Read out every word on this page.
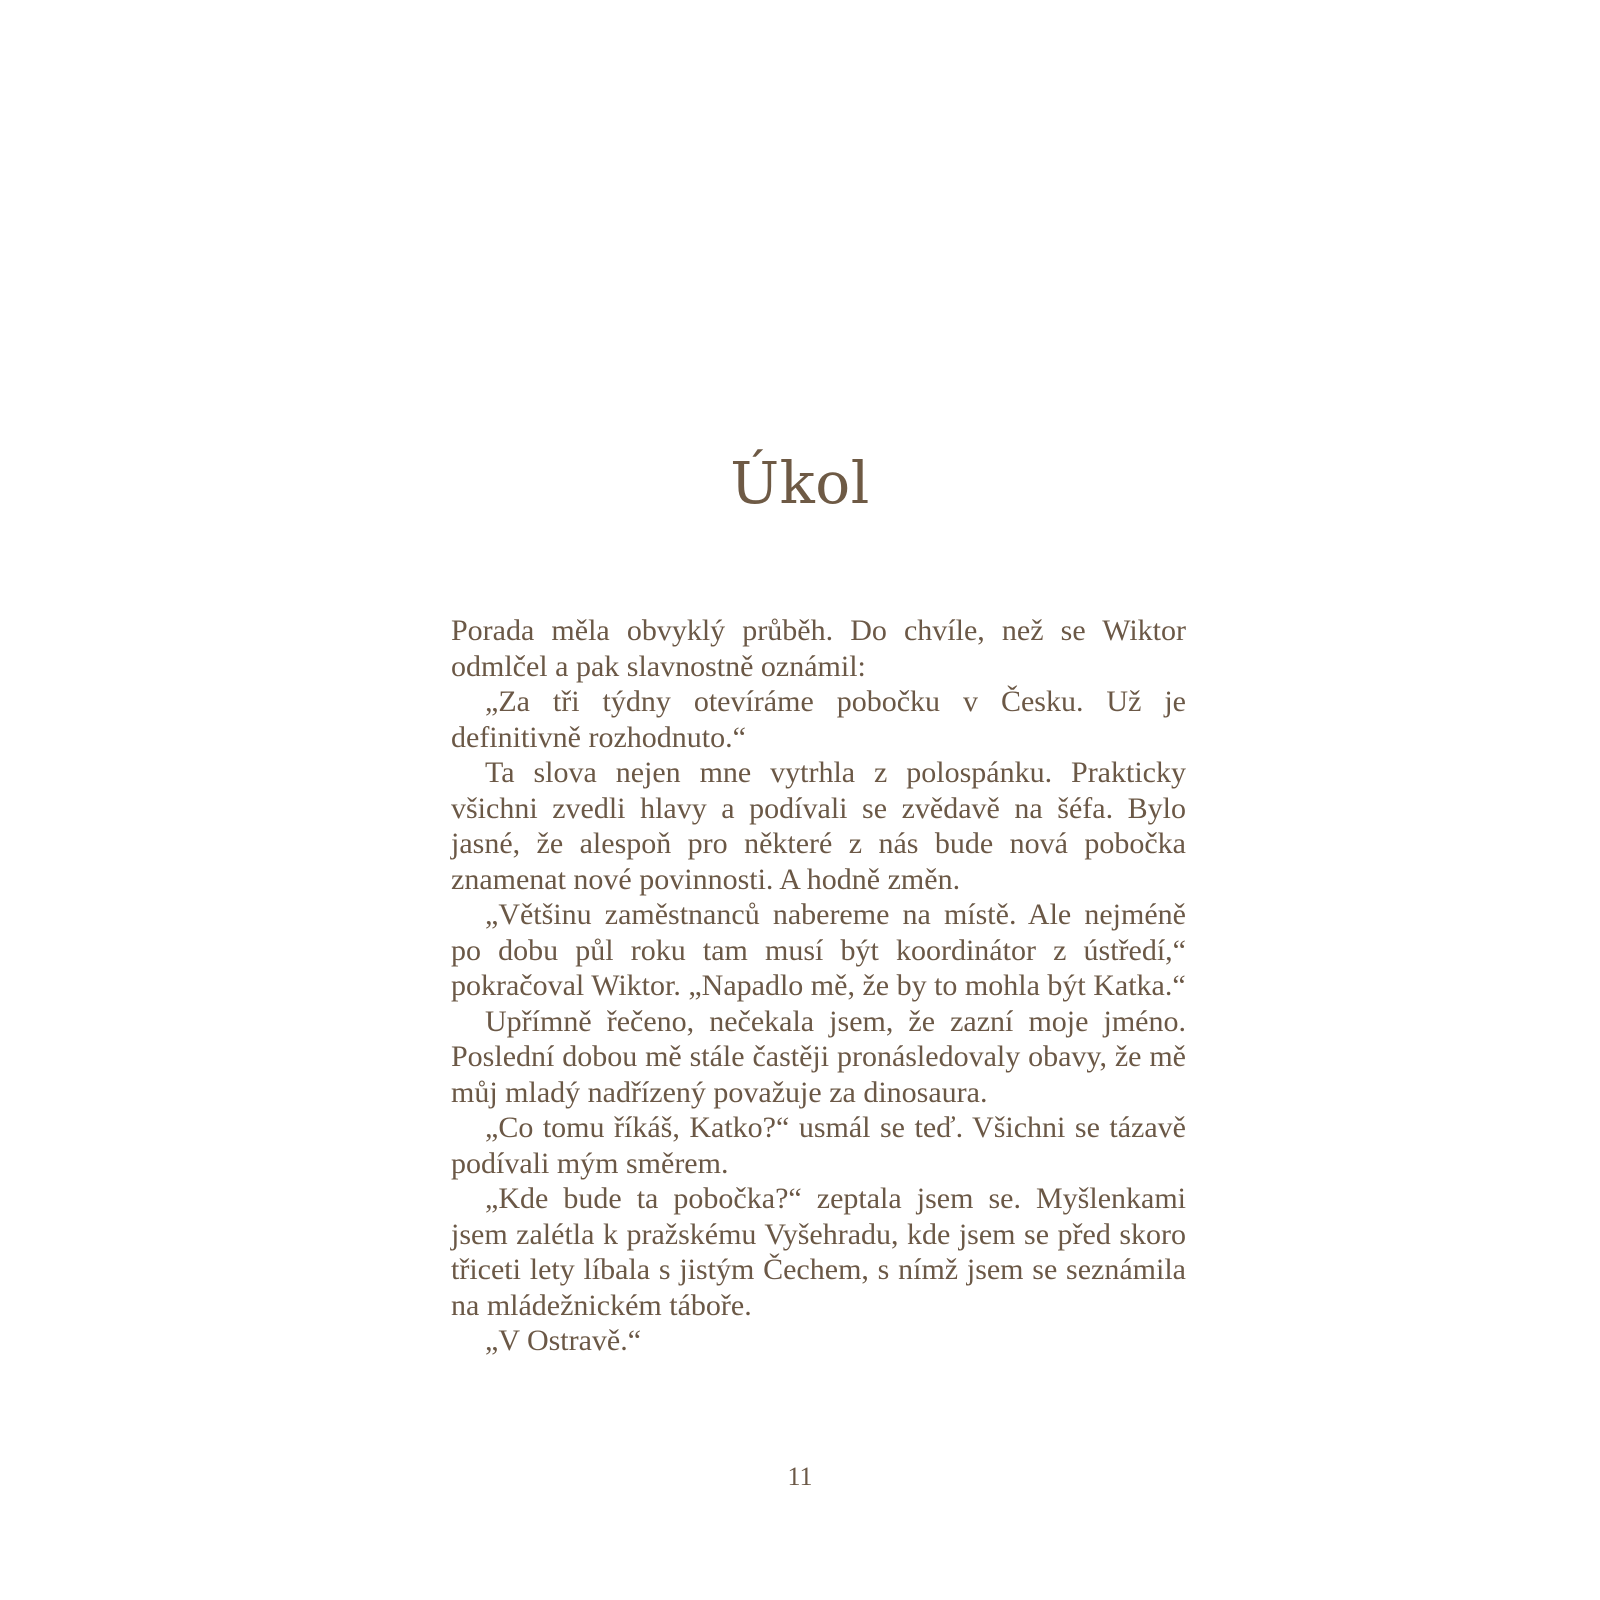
Úkol

Porada měla obvyklý průběh. Do chvíle, než se Wiktor odmlčel a pak slavnostně oznámil:

„Za tři týdny otevíráme pobočku v Česku. Už je definitivně rozhodnuto.“

Ta slova nejen mne vytrhla z polospánku. Prakticky všichni zvedli hlavy a podívali se zvědavě na šéfa. Bylo jasné, že alespoň pro některé z nás bude nová pobočka znamenat nové povinnosti. A hodně změn.

„Většinu zaměstnanců nabereme na místě. Ale nejméně po dobu půl roku tam musí být koordinátor z ústředí,“ pokračoval Wiktor. „Napadlo mě, že by to mohla být Katka.“

Upřímně řečeno, nečekala jsem, že zazní moje jméno. Poslední dobou mě stále častěji pronásledovaly obavy, že mě můj mladý nadřízený považuje za dinosaura.

„Co tomu říkáš, Katko?“ usmál se teď. Všichni se tázavě podívali mým směrem.

„Kde bude ta pobočka?“ zeptala jsem se. Myšlenkami jsem zalétla k pražskému Vyšehradu, kde jsem se před skoro třiceti lety líbala s jistým Čechem, s nímž jsem se seznámila na mládežnickém táboře.

„V Ostravě.“

11
